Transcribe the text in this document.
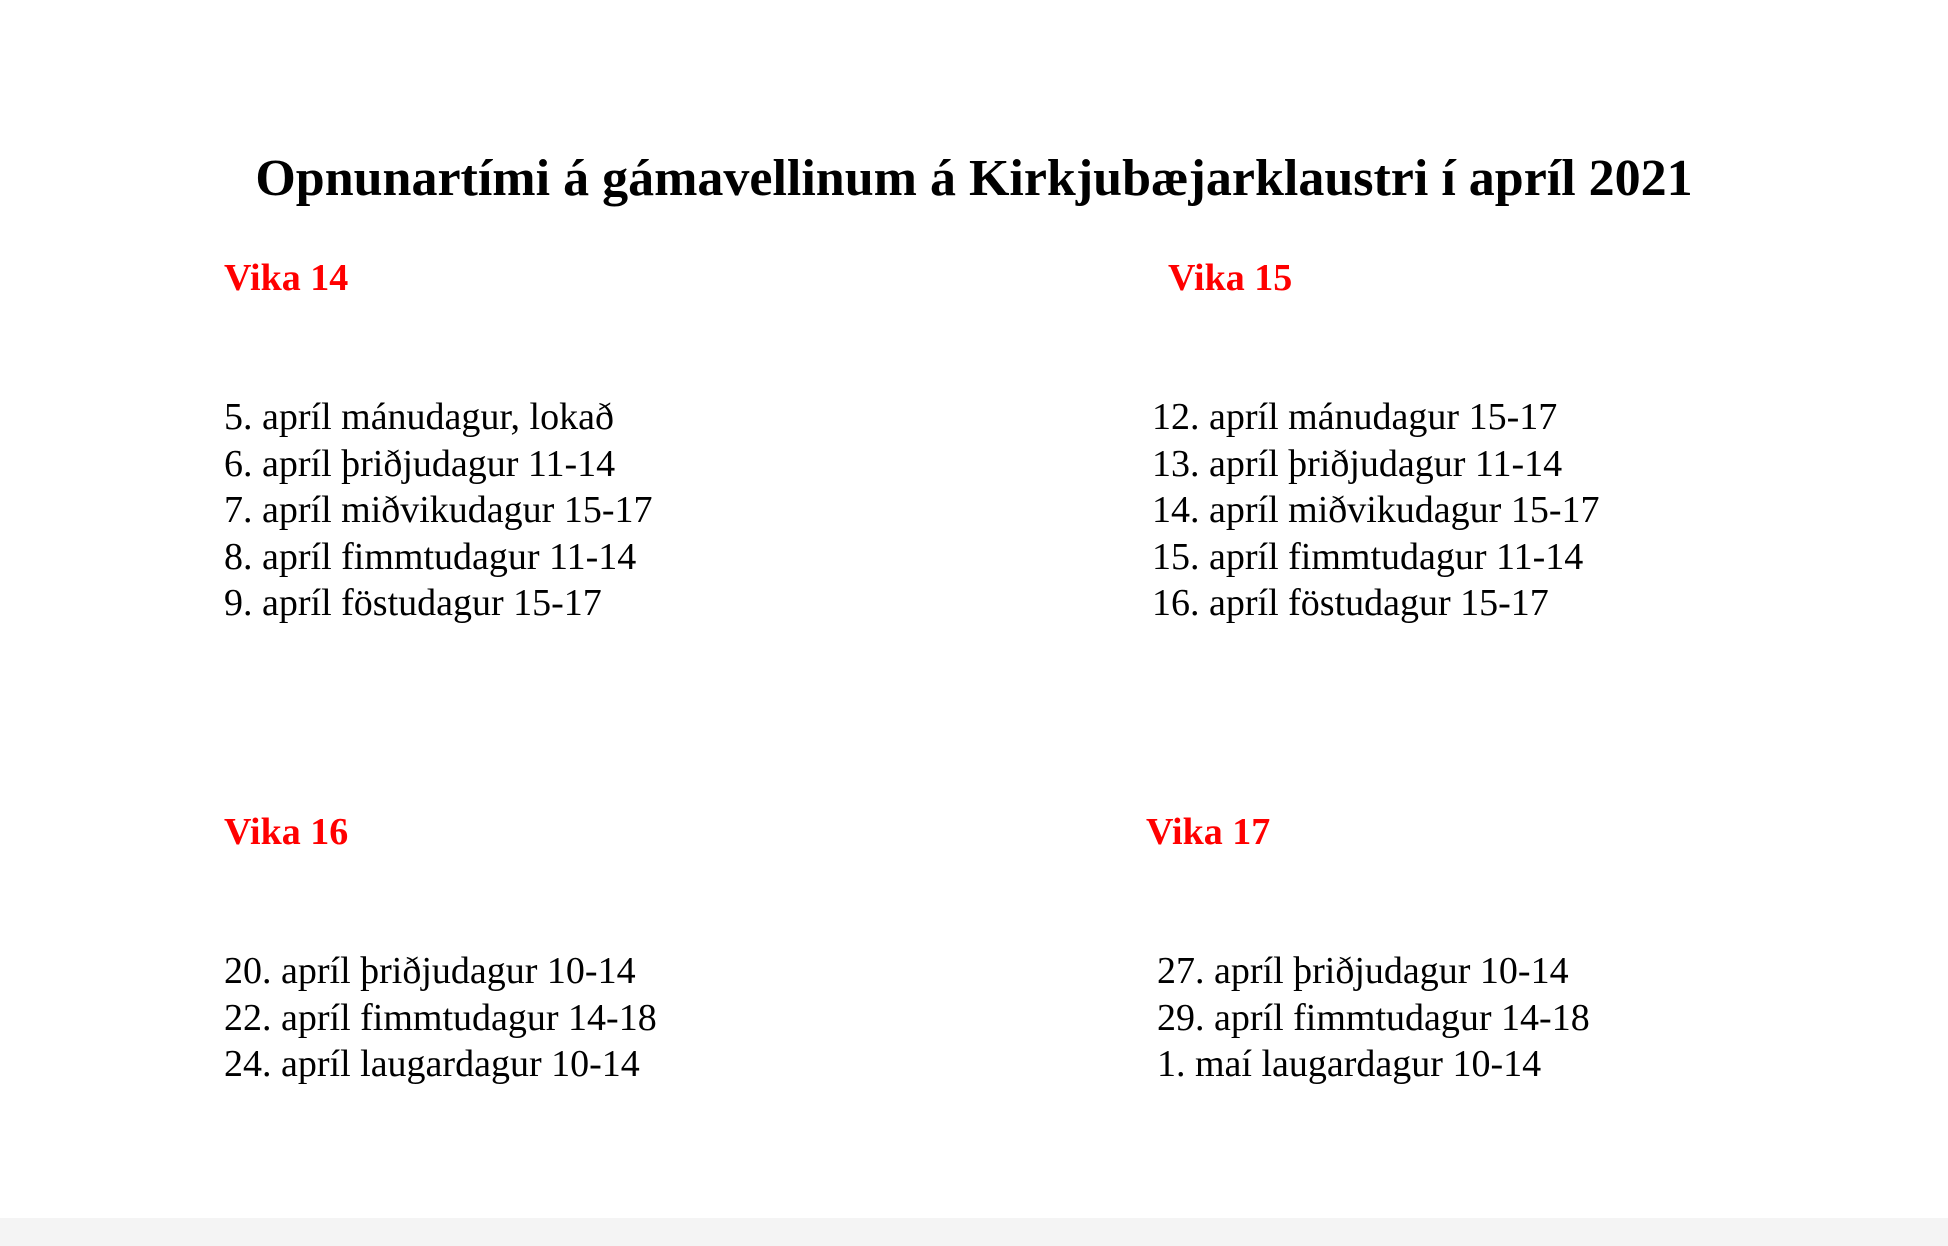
Opnunartími á gámavellinum á Kirkjubæjarklaustri í apríl 2021
Vika 14
5. apríl mánudagur, lokað
6. apríl þriðjudagur 11-14
7. apríl miðvikudagur 15-17
8. apríl fimmtudagur 11-14
9. apríl föstudagur 15-17
Vika 15
12. apríl mánudagur 15-17
13. apríl þriðjudagur 11-14
14. apríl miðvikudagur 15-17
15. apríl fimmtudagur 11-14
16. apríl föstudagur 15-17
Vika 16
20. apríl þriðjudagur 10-14
22. apríl fimmtudagur 14-18
24. apríl laugardagur 10-14
Vika 17
27. apríl þriðjudagur 10-14
29. apríl fimmtudagur 14-18
1. maí laugardagur 10-14
